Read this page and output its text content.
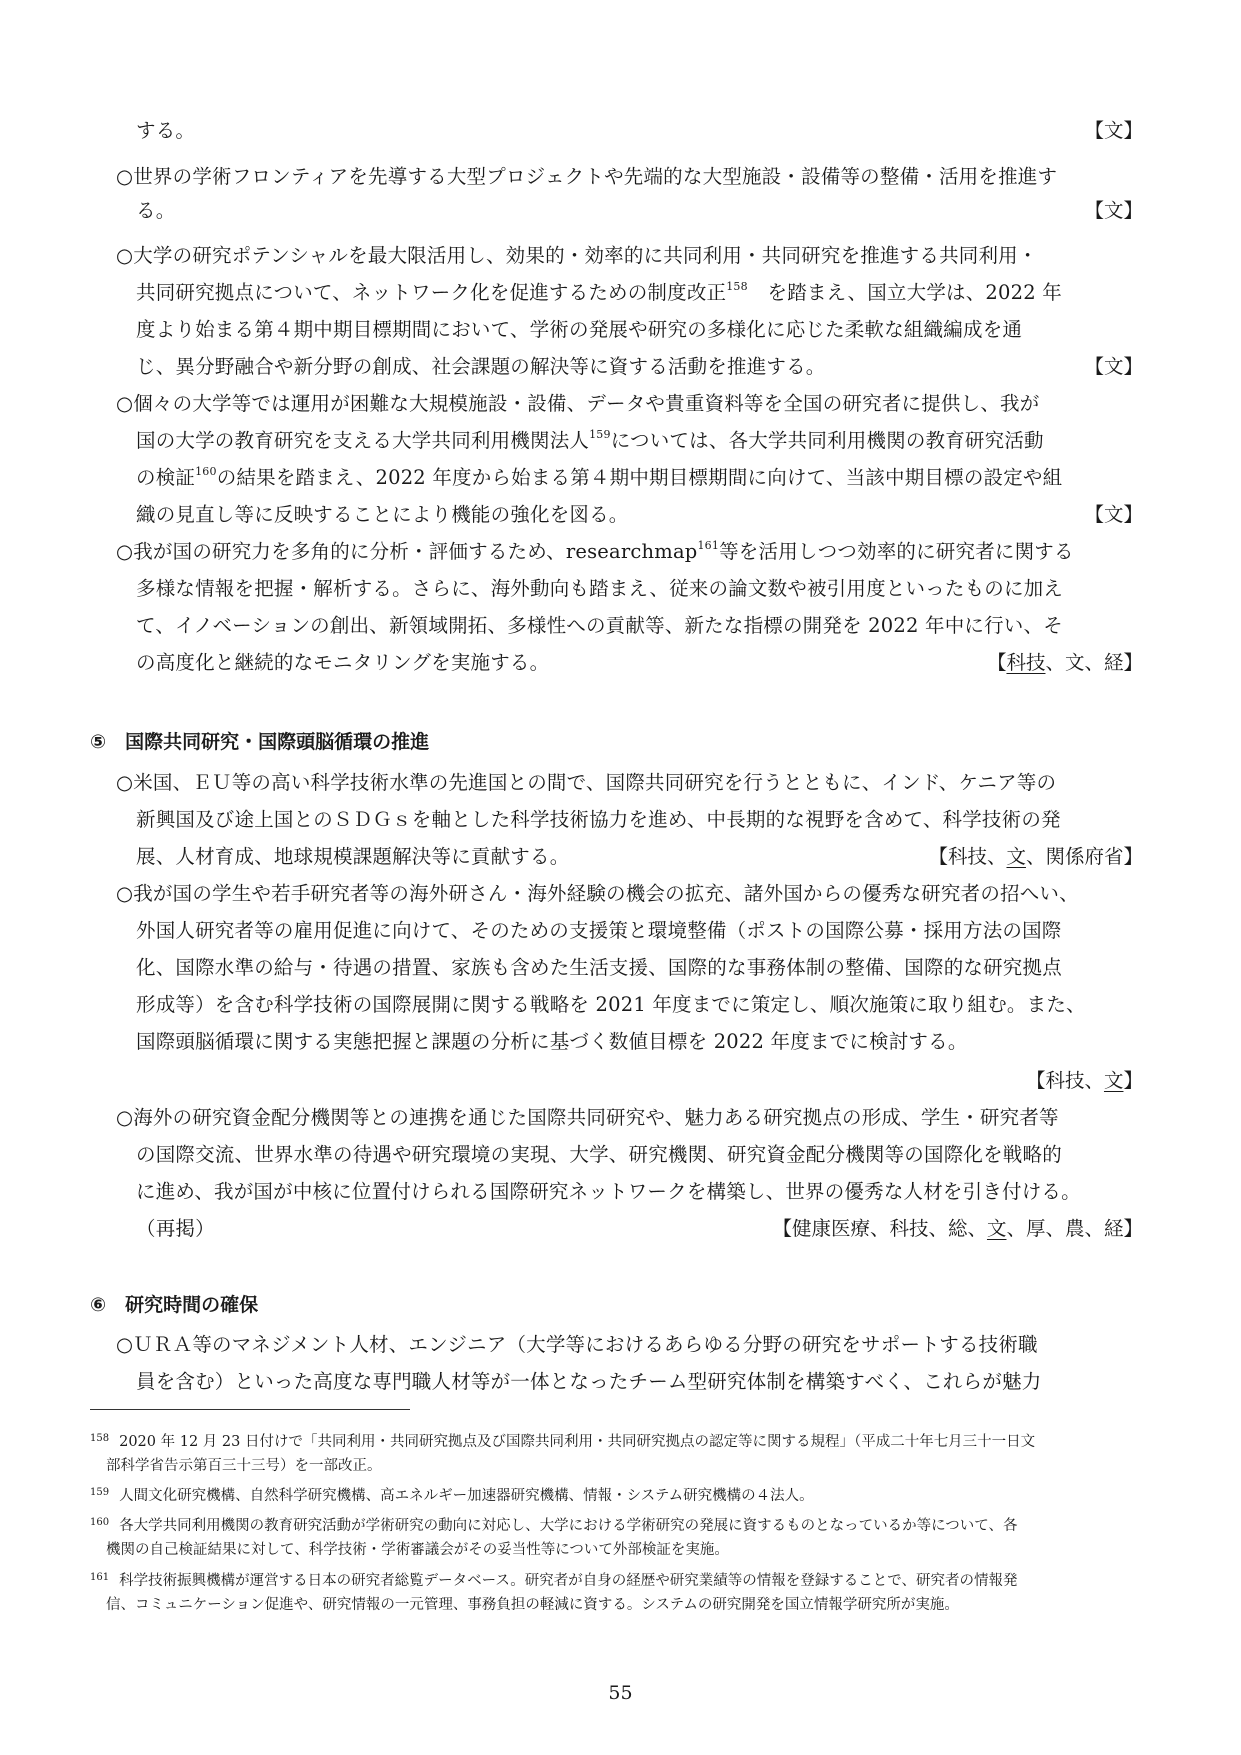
する。	【文】
○世界の学術フロンティアを先導する大型プロジェクトや先端的な大型施設・設備等の整備・活用を推進す
る。	【文】
○大学の研究ポテンシャルを最大限活用し、効果的・効率的に共同利用・共同研究を推進する共同利用・
共同研究拠点について、ネットワーク化を促進するための制度改正$^{158}$　を踏まえ、国立大学は、2022 年
度より始まる第４期中期目標期間において、学術の発展や研究の多様化に応じた柔軟な組織編成を通
じ、異分野融合や新分野の創成、社会課題の解決等に資する活動を推進する。	【文】
○個々の大学等では運用が困難な大規模施設・設備、データや貴重資料等を全国の研究者に提供し、我が
国の大学の教育研究を支える大学共同利用機関法人$^{159}$については、各大学共同利用機関の教育研究活動
の検証$^{160}$の結果を踏まえ、2022 年度から始まる第４期中期目標期間に向けて、当該中期目標の設定や組
織の見直し等に反映することにより機能の強化を図る。	【文】
○我が国の研究力を多角的に分析・評価するため、researchmap$^{161}$等を活用しつつ効率的に研究者に関する
多様な情報を把握・解析する。さらに、海外動向も踏まえ、従来の論文数や被引用度といったものに加え
て、イノベーションの創出、新領域開拓、多様性への貢献等、新たな指標の開発を 2022 年中に行い、そ
の高度化と継続的なモニタリングを実施する。	【科技、文、経】
⑤　国際共同研究・国際頭脳循環の推進
○米国、ＥＵ等の高い科学技術水準の先進国との間で、国際共同研究を行うとともに、インド、ケニア等の
新興国及び途上国とのＳＤＧｓを軸とした科学技術協力を進め、中長期的な視野を含めて、科学技術の発
展、人材育成、地球規模課題解決等に貢献する。	【科技、文、関係府省】
○我が国の学生や若手研究者等の海外研さん・海外経験の機会の拡充、諸外国からの優秀な研究者の招へい、
外国人研究者等の雇用促進に向けて、そのための支援策と環境整備（ポストの国際公募・採用方法の国際
化、国際水準の給与・待遇の措置、家族も含めた生活支援、国際的な事務体制の整備、国際的な研究拠点
形成等）を含む科学技術の国際展開に関する戦略を 2021 年度までに策定し、順次施策に取り組む。また、
国際頭脳循環に関する実態把握と課題の分析に基づく数値目標を 2022 年度までに検討する。
【科技、文】
○海外の研究資金配分機関等との連携を通じた国際共同研究や、魅力ある研究拠点の形成、学生・研究者等
の国際交流、世界水準の待遇や研究環境の実現、大学、研究機関、研究資金配分機関等の国際化を戦略的
に進め、我が国が中核に位置付けられる国際研究ネットワークを構築し、世界の優秀な人材を引き付ける。
（再掲）	【健康医療、科技、総、文、厚、農、経】
⑥　研究時間の確保
○ＵＲＡ等のマネジメント人材、エンジニア（大学等におけるあらゆる分野の研究をサポートする技術職
員を含む）といった高度な専門職人材等が一体となったチーム型研究体制を構築すべく、これらが魅力
$^{158}$ 2020 年 12 月 23 日付けで「共同利用・共同研究拠点及び国際共同利用・共同研究拠点の認定等に関する規程」（平成二十年七月三十一日文
部科学省告示第百三十三号）を一部改正。
$^{159}$ 人間文化研究機構、自然科学研究機構、高エネルギー加速器研究機構、情報・システム研究機構の４法人。
$^{160}$ 各大学共同利用機関の教育研究活動が学術研究の動向に対応し、大学における学術研究の発展に資するものとなっているか等について、各
機関の自己検証結果に対して、科学技術・学術審議会がその妥当性等について外部検証を実施。
$^{161}$ 科学技術振興機構が運営する日本の研究者総覧データベース。研究者が自身の経歴や研究業績等の情報を登録することで、研究者の情報発
信、コミュニケーション促進や、研究情報の一元管理、事務負担の軽減に資する。システムの研究開発を国立情報学研究所が実施。
55
